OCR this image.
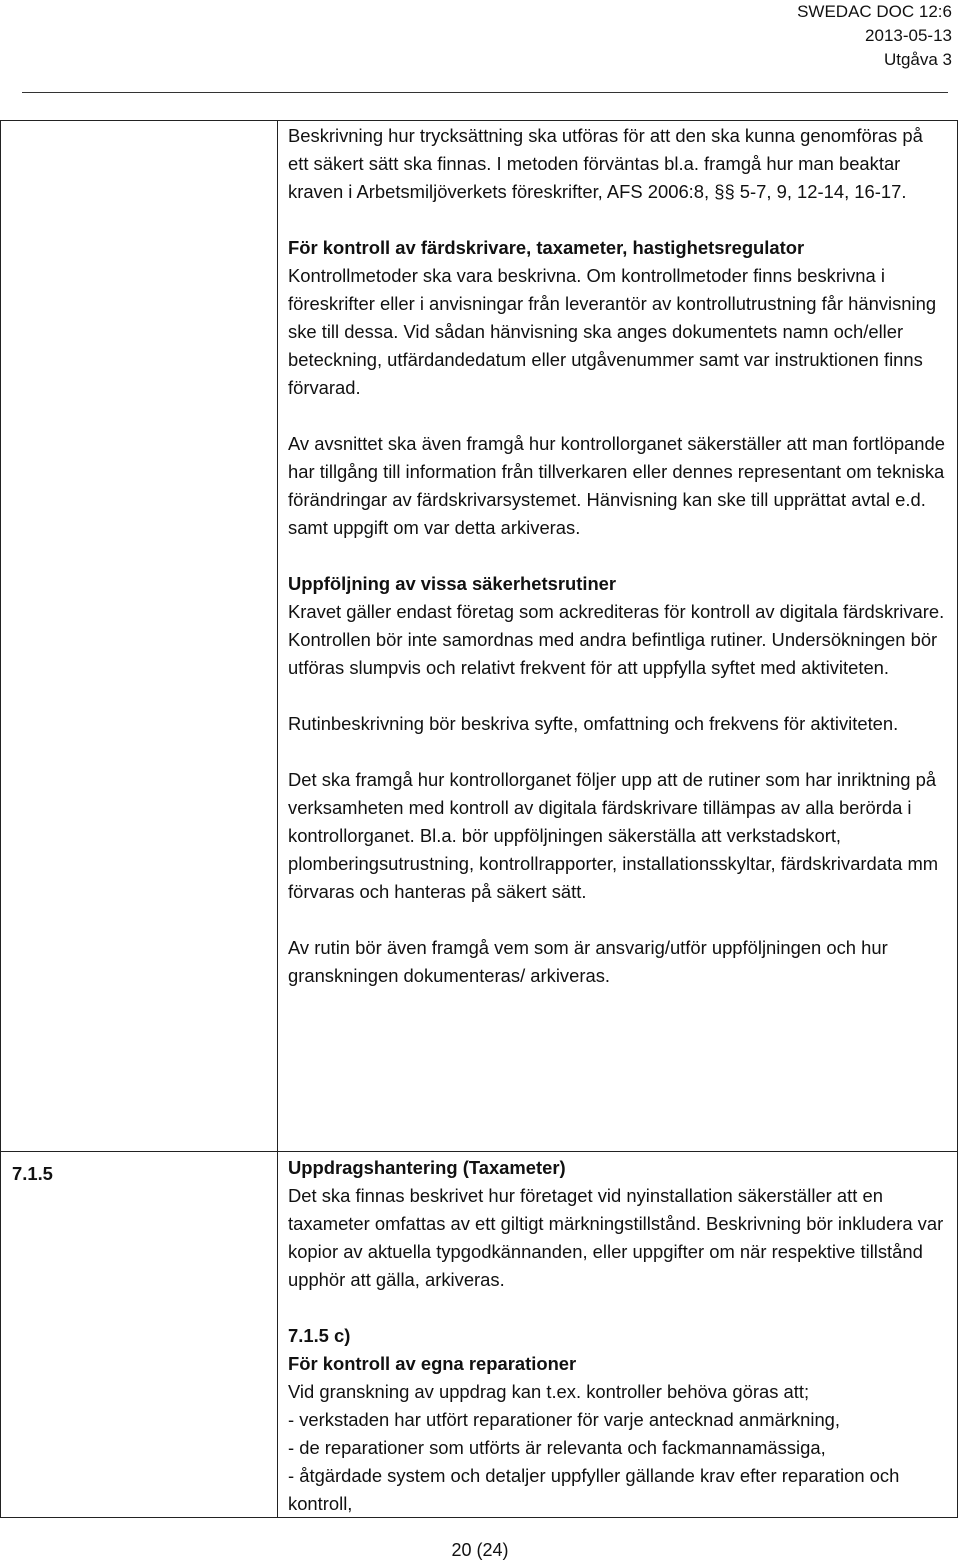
SWEDAC DOC 12:6
2013-05-13
Utgåva 3

Beskrivning hur trycksättning ska utföras för att den ska kunna genomföras på ett säkert sätt ska finnas. I metoden förväntas bl.a. framgå hur man beaktar kraven i Arbetsmiljöverkets föreskrifter, AFS 2006:8, §§ 5-7, 9, 12-14, 16-17.

För kontroll av färdskrivare, taxameter, hastighetsregulator
Kontrollmetoder ska vara beskrivna. Om kontrollmetoder finns beskrivna i föreskrifter eller i anvisningar från leverantör av kontrollutrustning får hänvisning ske till dessa. Vid sådan hänvisning ska anges dokumentets namn och/eller beteckning, utfärdandedatum eller utgåvenummer samt var instruktionen finns förvarad.

Av avsnittet ska även framgå hur kontrollorganet säkerställer att man fortlöpande har tillgång till information från tillverkaren eller dennes representant om tekniska förändringar av färdskrivarsystemet. Hänvisning kan ske till upprättat avtal e.d. samt uppgift om var detta arkiveras.

Uppföljning av vissa säkerhetsrutiner
Kravet gäller endast företag som ackrediteras för kontroll av digitala färdskrivare. Kontrollen bör inte samordnas med andra befintliga rutiner. Undersökningen bör utföras slumpvis och relativt frekvent för att uppfylla syftet med aktiviteten.

Rutinbeskrivning bör beskriva syfte, omfattning och frekvens för aktiviteten.

Det ska framgå hur kontrollorganet följer upp att de rutiner som har inriktning på verksamheten med kontroll av digitala färdskrivare tillämpas av alla berörda i kontrollorganet. Bl.a. bör uppföljningen säkerställa att verkstadskort, plomberingsutrustning, kontrollrapporter, installationsskyltar, färdskrivardata mm förvaras och hanteras på säkert sätt.

Av rutin bör även framgå vem som är ansvarig/utför uppföljningen och hur granskningen dokumenteras/ arkiveras.

7.1.5	Uppdragshantering (Taxameter)
Det ska finnas beskrivet hur företaget vid nyinstallation säkerställer att en taxameter omfattas av ett giltigt märkningstillstånd. Beskrivning bör inkludera var kopior av aktuella typgodkännanden, eller uppgifter om när respektive tillstånd upphör att gälla, arkiveras.

7.1.5 c)
För kontroll av egna reparationer
Vid granskning av uppdrag kan t.ex. kontroller behöva göras att;
- verkstaden har utfört reparationer för varje antecknad anmärkning,
- de reparationer som utförts är relevanta och fackmannamässiga,
- åtgärdade system och detaljer uppfyller gällande krav efter reparation och kontroll,

20 (24)
